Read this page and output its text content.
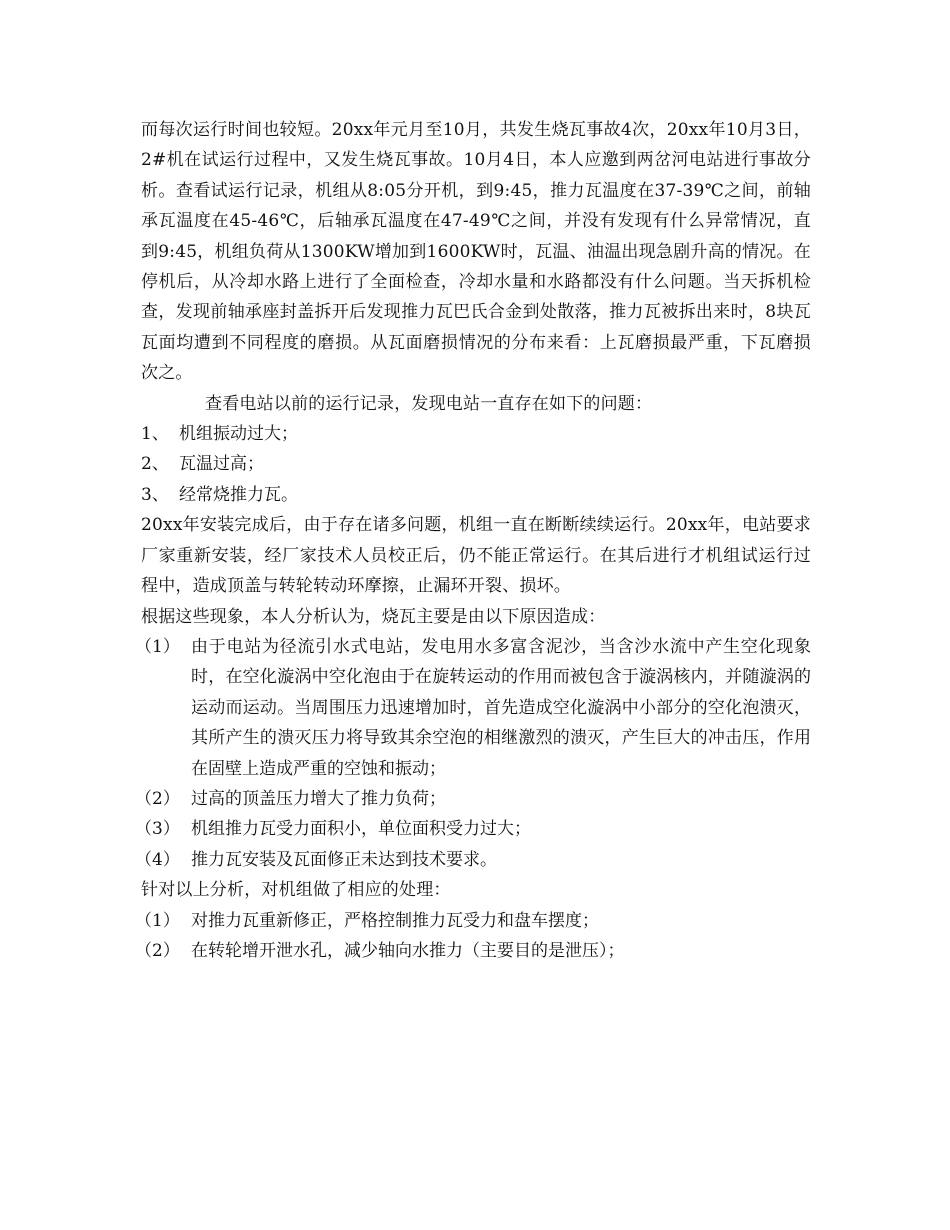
而每次运行时间也较短。20xx年元月至10月，共发生烧瓦事故4次，20xx年10月3日，2#机在试运行过程中，又发生烧瓦事故。10月4日，本人应邀到两岔河电站进行事故分析。查看试运行记录，机组从8:05分开机，到9:45，推力瓦温度在37-39℃之间，前轴承瓦温度在45-46℃，后轴承瓦温度在47-49℃之间，并没有发现有什么异常情况，直到9:45，机组负荷从1300KW增加到1600KW时，瓦温、油温出现急剧升高的情况。在停机后，从冷却水路上进行了全面检查，冷却水量和水路都没有什么问题。当天拆机检查，发现前轴承座封盖拆开后发现推力瓦巴氏合金到处散落，推力瓦被拆出来时，8块瓦瓦面均遭到不同程度的磨损。从瓦面磨损情况的分布来看：上瓦磨损最严重，下瓦磨损次之。

查看电站以前的运行记录，发现电站一直存在如下的问题：

1、 机组振动过大；
2、 瓦温过高；
3、 经常烧推力瓦。

20xx年安装完成后，由于存在诸多问题，机组一直在断断续续运行。20xx年，电站要求厂家重新安装，经厂家技术人员校正后，仍不能正常运行。在其后进行才机组试运行过程中，造成顶盖与转轮转动环摩擦，止漏环开裂、损坏。

根据这些现象，本人分析认为，烧瓦主要是由以下原因造成：

（1） 由于电站为径流引水式电站，发电用水多富含泥沙，当含沙水流中产生空化现象时，在空化漩涡中空化泡由于在旋转运动的作用而被包含于漩涡核内，并随漩涡的运动而运动。当周围压力迅速增加时，首先造成空化漩涡中小部分的空化泡溃灭，其所产生的溃灭压力将导致其余空泡的相继激烈的溃灭，产生巨大的冲击压，作用在固壁上造成严重的空蚀和振动；
（2） 过高的顶盖压力增大了推力负荷；
（3） 机组推力瓦受力面积小，单位面积受力过大；
（4） 推力瓦安装及瓦面修正未达到技术要求。

针对以上分析，对机组做了相应的处理：

（1） 对推力瓦重新修正，严格控制推力瓦受力和盘车摆度；
（2） 在转轮增开泄水孔，减少轴向水推力（主要目的是泄压）；
